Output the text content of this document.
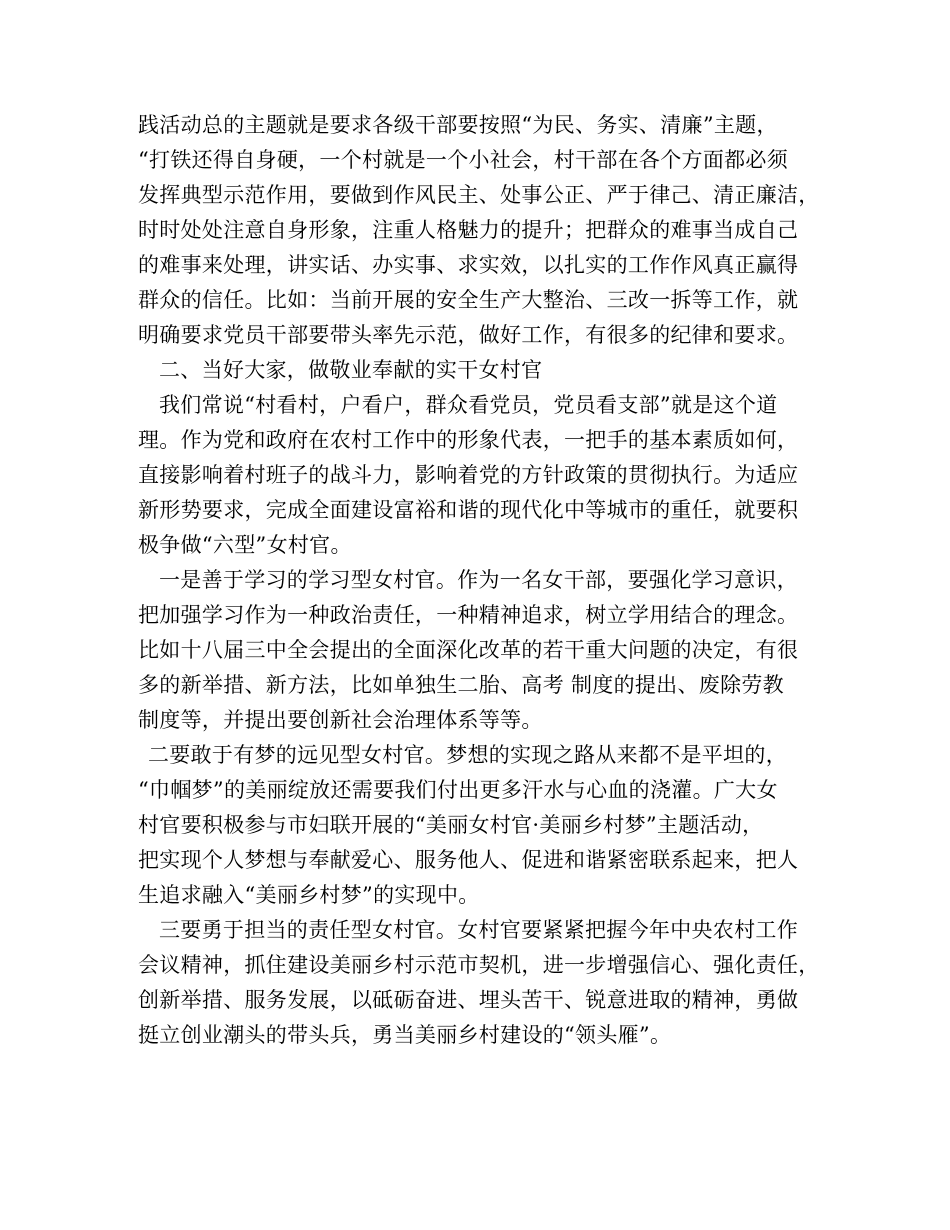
践活动总的主题就是要求各级干部要按照“为民、务实、清廉”主题，
“打铁还得自身硬，一个村就是一个小社会，村干部在各个方面都必须
发挥典型示范作用，要做到作风民主、处事公正、严于律己、清正廉洁，
时时处处注意自身形象，注重人格魅力的提升；把群众的难事当成自己
的难事来处理，讲实话、办实事、求实效，以扎实的工作作风真正赢得
群众的信任。比如：当前开展的安全生产大整治、三改一拆等工作，就
明确要求党员干部要带头率先示范，做好工作，有很多的纪律和要求。
二、当好大家，做敬业奉献的实干女村官
我们常说“村看村，户看户，群众看党员，党员看支部”就是这个道
理。作为党和政府在农村工作中的形象代表，一把手的基本素质如何，
直接影响着村班子的战斗力，影响着党的方针政策的贯彻执行。为适应
新形势要求，完成全面建设富裕和谐的现代化中等城市的重任，就要积
极争做“六型”女村官。
一是善于学习的学习型女村官。作为一名女干部，要强化学习意识，
把加强学习作为一种政治责任，一种精神追求，树立学用结合的理念。
比如十八届三中全会提出的全面深化改革的若干重大问题的决定，有很
多的新举措、新方法，比如单独生二胎、高考 制度的提出、废除劳教
制度等，并提出要创新社会治理体系等等。
二要敢于有梦的远见型女村官。梦想的实现之路从来都不是平坦的，
“巾帼梦”的美丽绽放还需要我们付出更多汗水与心血的浇灌。广大女
村官要积极参与市妇联开展的“美丽女村官·美丽乡村梦”主题活动，
把实现个人梦想与奉献爱心、服务他人、促进和谐紧密联系起来，把人
生追求融入“美丽乡村梦”的实现中。
三要勇于担当的责任型女村官。女村官要紧紧把握今年中央农村工作
会议精神，抓住建设美丽乡村示范市契机，进一步增强信心、强化责任，
创新举措、服务发展，以砥砺奋进、埋头苦干、锐意进取的精神，勇做
挺立创业潮头的带头兵，勇当美丽乡村建设的“领头雁”。
